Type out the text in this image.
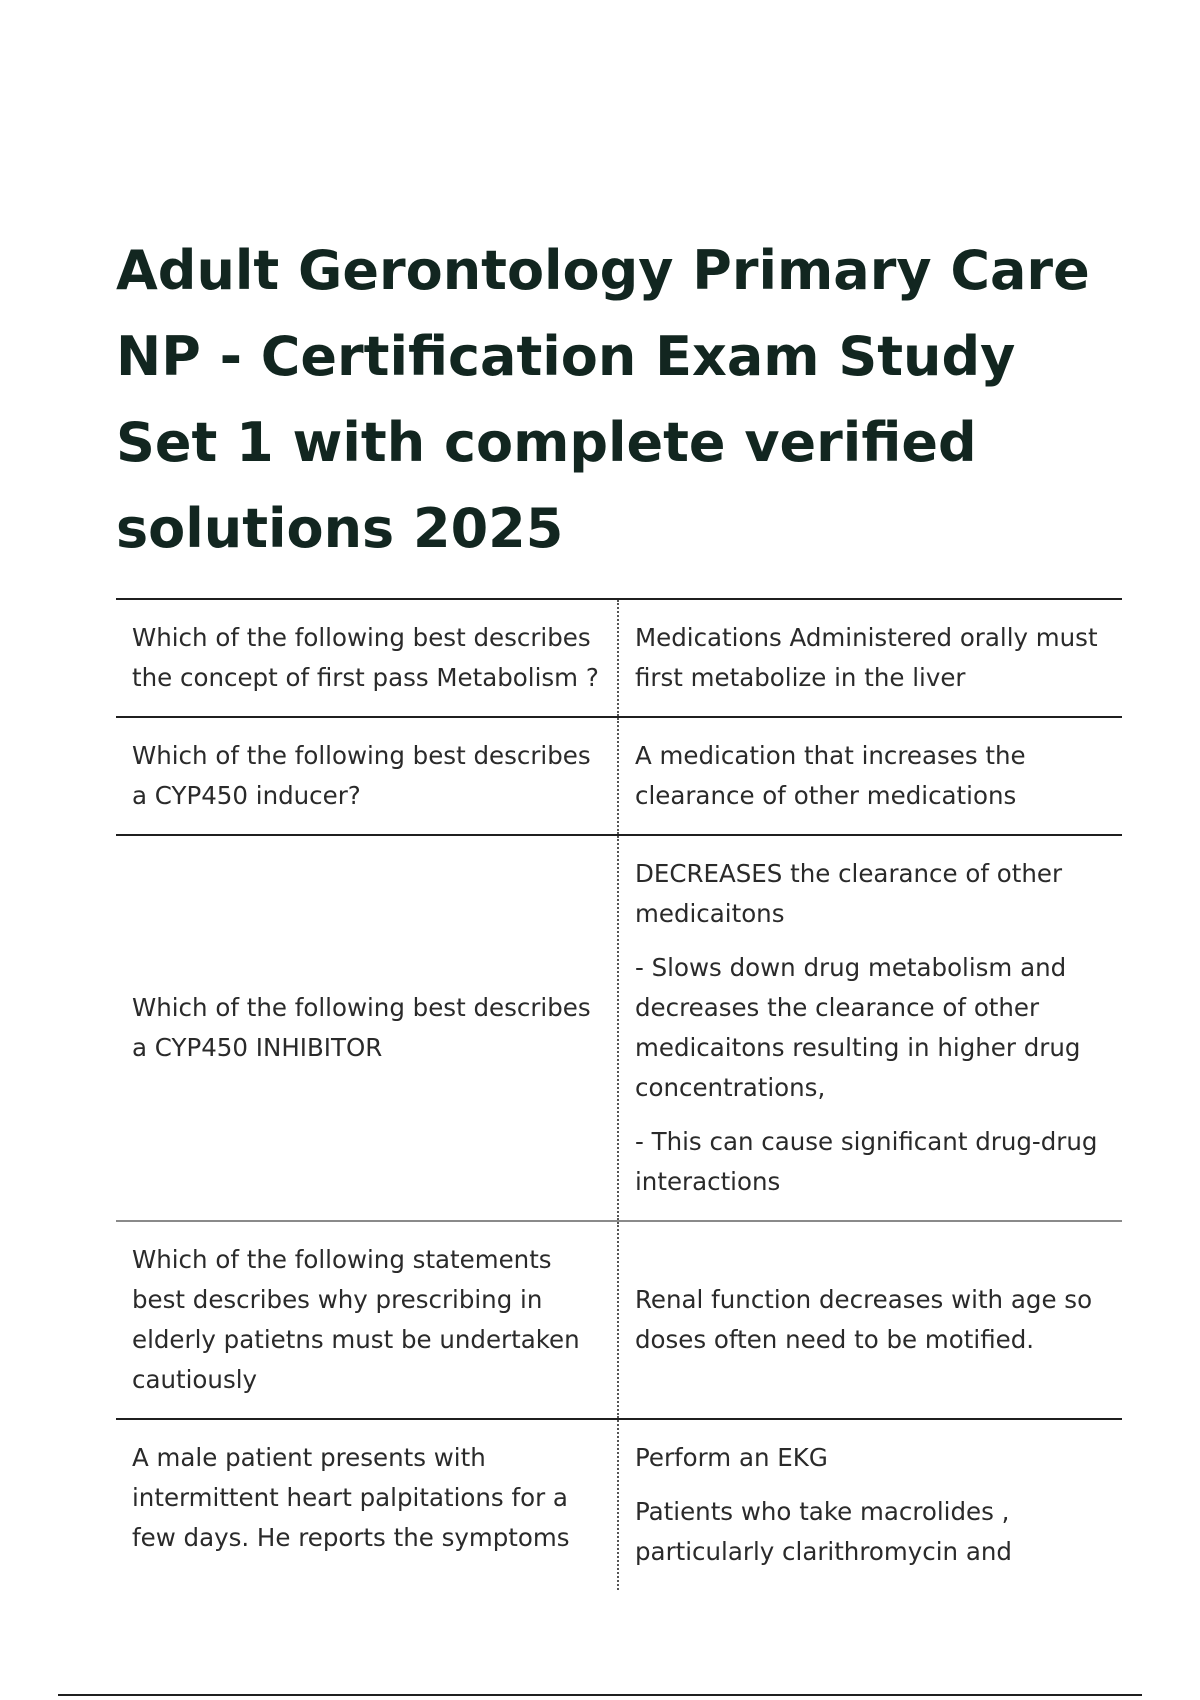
Adult Gerontology Primary Care NP - Certification Exam Study Set 1 with complete verified solutions 2025
Which of the following best describes the concept of first pass Metabolism ?

Medications Administered orally must first metabolize in the liver

Which of the following best describes a CYP450 inducer?

A medication that increases the clearance of other medications

Which of the following best describes a CYP450 INHIBITOR

DECREASES the clearance of other medicaitons

- Slows down drug metabolism and decreases the clearance of other medicaitons resulting in higher drug concentrations,

- This can cause significant drug-drug interactions

Which of the following statements best describes why prescribing in elderly patietns must be undertaken cautiously

Renal function decreases with age so doses often need to be motified.

A male patient presents with intermittent heart palpitations for a few days. He reports the symptoms

Perform an EKG

Patients who take macrolides , particularly clarithromycin and
